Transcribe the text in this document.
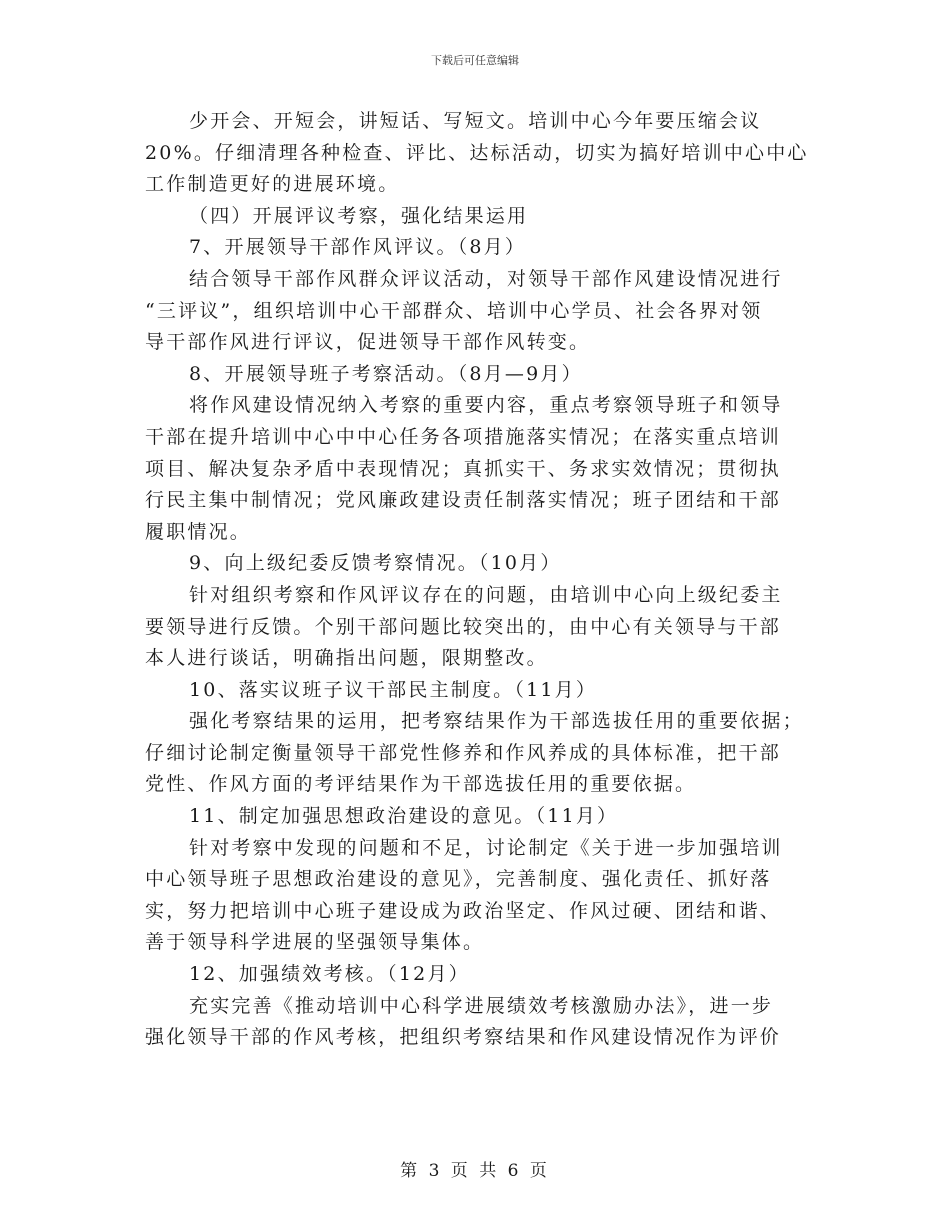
下载后可任意编辑
少开会、开短会，讲短话、写短文。培训中心今年要压缩会议
20%。仔细清理各种检查、评比、达标活动，切实为搞好培训中心中心
工作制造更好的进展环境。
（四）开展评议考察，强化结果运用
7、开展领导干部作风评议。（8月）
结合领导干部作风群众评议活动，对领导干部作风建设情况进行
“三评议”，组织培训中心干部群众、培训中心学员、社会各界对领
导干部作风进行评议，促进领导干部作风转变。
8、开展领导班子考察活动。（8月—9月）
将作风建设情况纳入考察的重要内容，重点考察领导班子和领导
干部在提升培训中心中中心任务各项措施落实情况；在落实重点培训
项目、解决复杂矛盾中表现情况；真抓实干、务求实效情况；贯彻执
行民主集中制情况；党风廉政建设责任制落实情况；班子团结和干部
履职情况。
9、向上级纪委反馈考察情况。（10月）
针对组织考察和作风评议存在的问题，由培训中心向上级纪委主
要领导进行反馈。个别干部问题比较突出的，由中心有关领导与干部
本人进行谈话，明确指出问题，限期整改。
10、落实议班子议干部民主制度。（11月）
强化考察结果的运用，把考察结果作为干部选拔任用的重要依据；
仔细讨论制定衡量领导干部党性修养和作风养成的具体标准，把干部
党性、作风方面的考评结果作为干部选拔任用的重要依据。
11、制定加强思想政治建设的意见。（11月）
针对考察中发现的问题和不足，讨论制定《关于进一步加强培训
中心领导班子思想政治建设的意见》，完善制度、强化责任、抓好落
实，努力把培训中心班子建设成为政治坚定、作风过硬、团结和谐、
善于领导科学进展的坚强领导集体。
12、加强绩效考核。（12月）
充实完善《推动培训中心科学进展绩效考核激励办法》，进一步
强化领导干部的作风考核，把组织考察结果和作风建设情况作为评价
第 3 页 共 6 页
